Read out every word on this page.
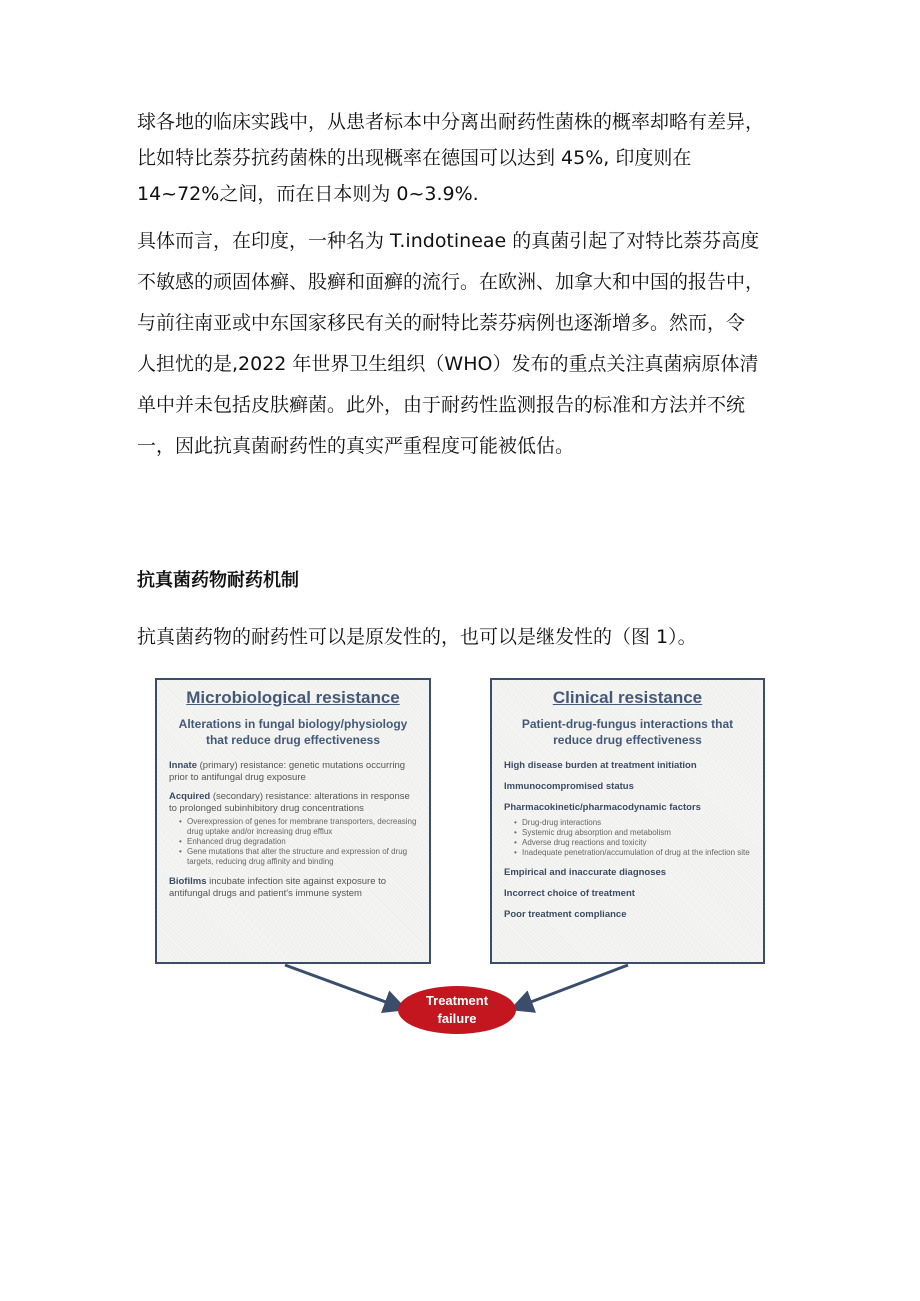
球各地的临床实践中，从患者标本中分离出耐药性菌株的概率却略有差异，
比如特比萘芬抗药菌株的出现概率在德国可以达到 45%, 印度则在
14~72%之间，而在日本则为 0~3.9%.

具体而言，在印度，一种名为 T.indotineae 的真菌引起了对特比萘芬高度
不敏感的顽固体癣、股癣和面癣的流行。在欧洲、加拿大和中国的报告中，
与前往南亚或中东国家移民有关的耐特比萘芬病例也逐渐增多。然而，令
人担忧的是,2022 年世界卫生组织（WHO）发布的重点关注真菌病原体清
单中并未包括皮肤癣菌。此外，由于耐药性监测报告的标准和方法并不统
一，因此抗真菌耐药性的真实严重程度可能被低估。

抗真菌药物耐药机制

抗真菌药物的耐药性可以是原发性的，也可以是继发性的（图 1）。

Microbiological resistance
Alterations in fungal biology/physiology that reduce drug effectiveness
Innate (primary) resistance: genetic mutations occurring prior to antifungal drug exposure
Acquired (secondary) resistance: alterations in response to prolonged subinhibitory drug concentrations
• Overexpression of genes for membrane transporters, decreasing drug uptake and/or increasing drug efflux
• Enhanced drug degradation
• Gene mutations that alter the structure and expression of drug targets, reducing drug affinity and binding
Biofilms incubate infection site against exposure to antifungal drugs and patient's immune system
Clinical resistance
Patient-drug-fungus interactions that reduce drug effectiveness
High disease burden at treatment initiation
Immunocompromised status
Pharmacokinetic/pharmacodynamic factors
• Drug-drug interactions
• Systemic drug absorption and metabolism
• Adverse drug reactions and toxicity
• Inadequate penetration/accumulation of drug at the infection site
Empirical and inaccurate diagnoses
Incorrect choice of treatment
Poor treatment compliance
Treatment
failure
